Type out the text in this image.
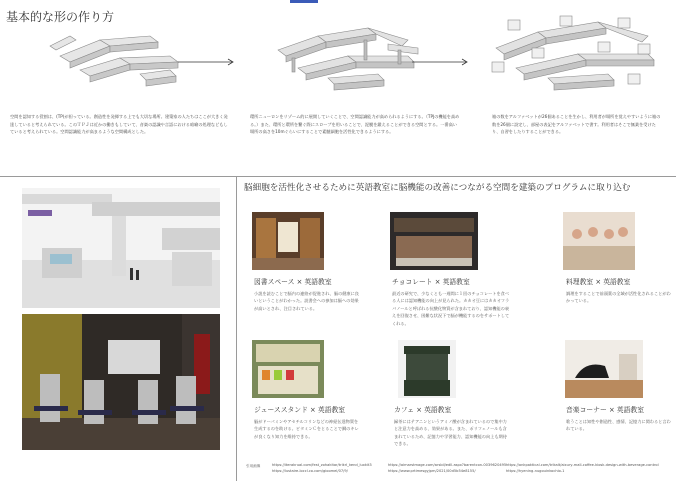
基本的な形の作り方
空間を認知する役割は、(TP)が担っている。創造性を発揮する上でも大切な場所。建築家の人たちはここが大きく発達していると考えられている。このＴＰＪは近かの働きもしていて、音楽の認識や言語における暗喩の処理などもしていると考えられている。空間認識能力が高まるような空間構成とした。
環所ニューロンをリゾーム的に展開していくことで、空間認識能力が高められるようにする。（TPJの機能を高める。）また、環所と環所を繋ぐ際にスロープを用いることで、泥膜を鍛えることができる空間とする。一番高い場所の高さを10mぐらいにすることで素髄細胞を活性化できるようにする。
箱の数をアルファベットが26個あることを生かし、利用者が場所を覚えやすいように箱の数を26個に設定し、部屋の表記をアルファベットで書す。利用者はそこで無業を受けたり、自習をしたりすることができる。
脳細胞を活性化させるために英語教室に脳機能の改善につながる空間を建築のプログラムに取り込む
図書スペース × 英語教室	チョコレート × 英語教室	料理教室 × 英語教室
ジューススタンド × 英語教室	カフェ × 英語教室	音楽コーナー × 英語教室
小説を読むことで脳内の連絡が促進され、脳の健康に良いということがわかった。読書会への参加は脳への効果が高いとされ、注目されている。
最近の研究で、少なくとも一週間に１回のチョコレートを食べる人には認知機能の向上が見られた。カカオ豆にはカカオフラバノールと呼ばれる抗酸化物質が含まれており、認知機能の衰えを回復させ、困難な状況下で脳が機能するのをサポートしてくれる。
調理をすることで前頭葉の全域が活性化されることがわかっている。
脳がドーパミンやアセチルコリンなどの神経伝達物質を生成するのを助ける。ビタミンＣをとることで鋼のキレが良くなり知力を維持できる。
緑茶にはテアニンというアミノ酸が含まれているので集中力と注意力を高める、効果がある。また、ポリフェノールも含まれているため、記憶力や学習能力、認知機能の向上も期待できる。
歌うことは知性や創造性、感情、記憶力に関わると言われている。
引用画像	https://iterakrual.com/fest_zohakitar/trikrl_kend_luxkit3
https://lustaire-loccl.co.com/gioomel/07/9/
https://aimarstmage.com/arsbil/edll.aspx?barentcon-0039620495
https://www.prtimesgyjpm/2021/00d5b54e8155/
https://onkpaktical.com/trikalt/aixury-mall-coffee-kiosk-design-with-beverage-control
https://hyening-nugouinkochio-1
